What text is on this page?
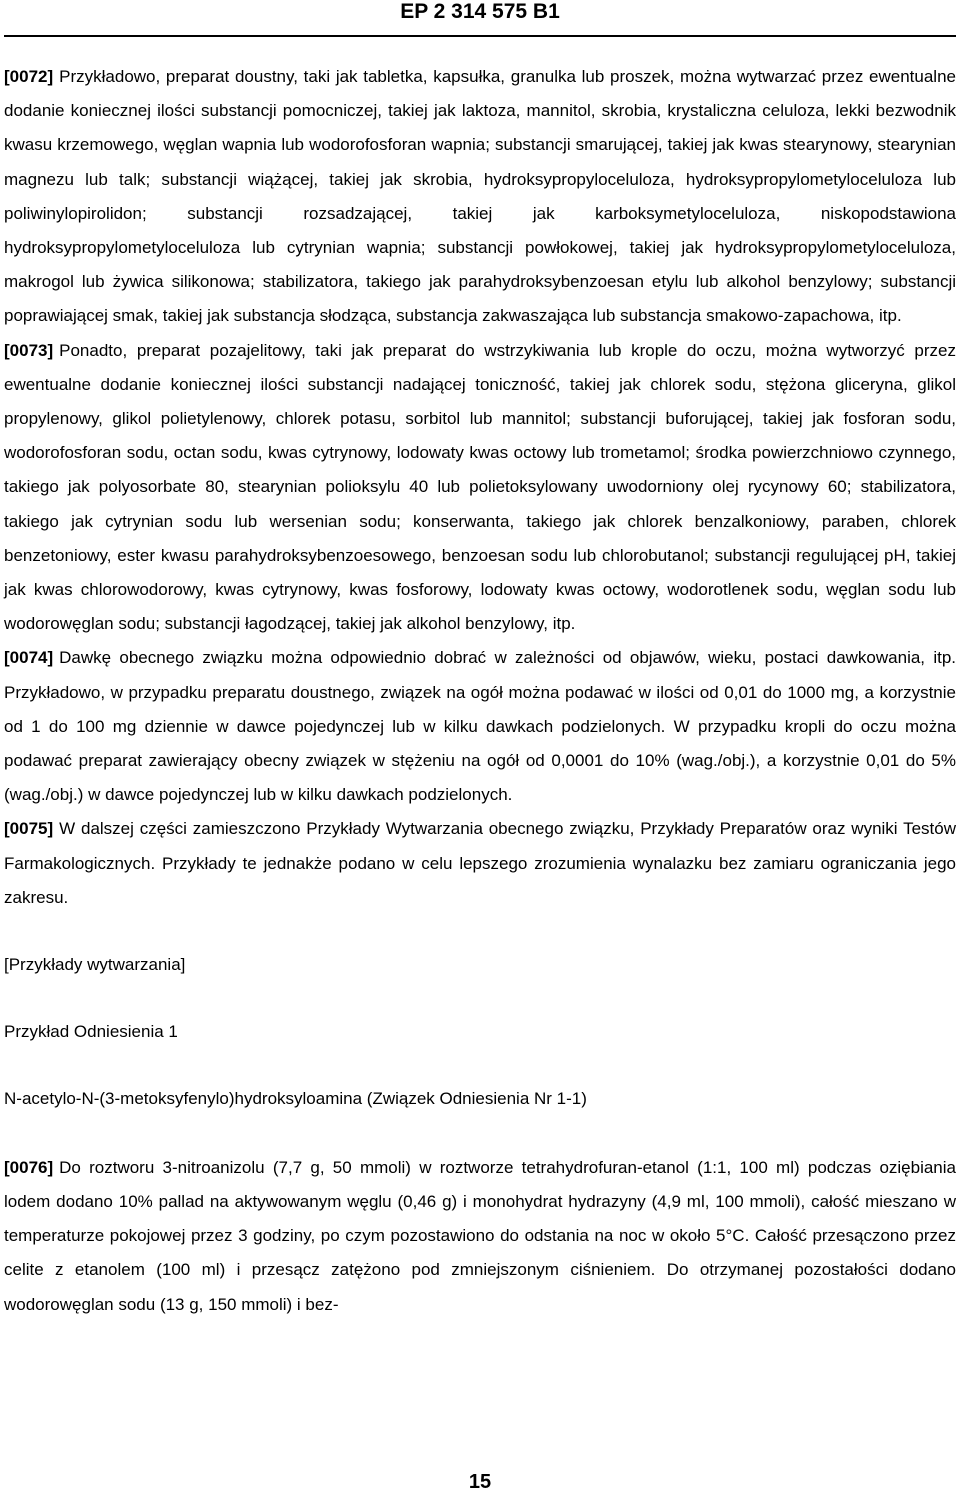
EP 2 314 575 B1

[0072] Przykładowo, preparat doustny, taki jak tabletka, kapsułka, granulka lub proszek, można wytwarzać przez ewentualne dodanie koniecznej ilości substancji pomocniczej, takiej jak laktoza, mannitol, skrobia, krystaliczna celuloza, lekki bezwodnik kwasu krzemowego, węglan wapnia lub wodorofosforan wapnia; substancji smarującej, takiej jak kwas stearynowy, stearynian magnezu lub talk; substancji wiążącej, takiej jak skrobia, hydroksypropyloceluloza, hydroksypropylometyloceluloza lub poliwinylopirolidon; substancji rozsadzającej, takiej jak karboksymetyloceluloza, niskopodstawiona hydroksypropylometyloceluloza lub cytrynian wapnia; substancji powłokowej, takiej jak hydroksypropylometyloceluloza, makrogol lub żywica silikonowa; stabilizatora, takiego jak parahydroksybenzoesan etylu lub alkohol benzylowy; substancji poprawiającej smak, takiej jak substancja słodząca, substancja zakwaszająca lub substancja smakowo-zapachowa, itp.

[0073] Ponadto, preparat pozajelitowy, taki jak preparat do wstrzykiwania lub krople do oczu, można wytworzyć przez ewentualne dodanie koniecznej ilości substancji nadającej toniczność, takiej jak chlorek sodu, stężona gliceryna, glikol propylenowy, glikol polietylenowy, chlorek potasu, sorbitol lub mannitol; substancji buforującej, takiej jak fosforan sodu, wodorofosforan sodu, octan sodu, kwas cytrynowy, lodowaty kwas octowy lub trometamol; środka powierzchniowo czynnego, takiego jak polyosorbate 80, stearynian polioksylu 40 lub polietoksylowany uwodorniony olej rycynowy 60; stabilizatora, takiego jak cytrynian sodu lub wersenian sodu; konserwanta, takiego jak chlorek benzalkoniowy, paraben, chlorek benzetoniowy, ester kwasu parahydroksybenzoesowego, benzoesan sodu lub chlorobutanol; substancji regulującej pH, takiej jak kwas chlorowodorowy, kwas cytrynowy, kwas fosforowy, lodowaty kwas octowy, wodorotlenek sodu, węglan sodu lub wodorowęglan sodu; substancji łagodzącej, takiej jak alkohol benzylowy, itp.

[0074] Dawkę obecnego związku można odpowiednio dobrać w zależności od objawów, wieku, postaci dawkowania, itp. Przykładowo, w przypadku preparatu doustnego, związek na ogół można podawać w ilości od 0,01 do 1000 mg, a korzystnie od 1 do 100 mg dziennie w dawce pojedynczej lub w kilku dawkach podzielonych. W przypadku kropli do oczu można podawać preparat zawierający obecny związek w stężeniu na ogół od 0,0001 do 10% (wag./obj.), a korzystnie 0,01 do 5% (wag./obj.) w dawce pojedynczej lub w kilku dawkach podzielonych.

[0075] W dalszej części zamieszczono Przykłady Wytwarzania obecnego związku, Przykłady Preparatów oraz wyniki Testów Farmakologicznych. Przykłady te jednakże podano w celu lepszego zrozumienia wynalazku bez zamiaru ograniczania jego zakresu.

[Przykłady wytwarzania]

Przykład Odniesienia 1

N-acetylo-N-(3-metoksyfenylo)hydroksyloamina (Związek Odniesienia Nr 1-1)

[0076] Do roztworu 3-nitroanizolu (7,7 g, 50 mmoli) w roztworze tetrahydrofuran-etanol (1:1, 100 ml) podczas oziębiania lodem dodano 10% pallad na aktywowanym węglu (0,46 g) i monohydrat hydrazyny (4,9 ml, 100 mmoli), całość mieszano w temperaturze pokojowej przez 3 godziny, po czym pozostawiono do odstania na noc w około 5°C. Całość przesączono przez celite z etanolem (100 ml) i przesącz zatężono pod zmniejszonym ciśnieniem. Do otrzymanej pozostałości dodano wodorowęglan sodu (13 g, 150 mmoli) i bez-

15
